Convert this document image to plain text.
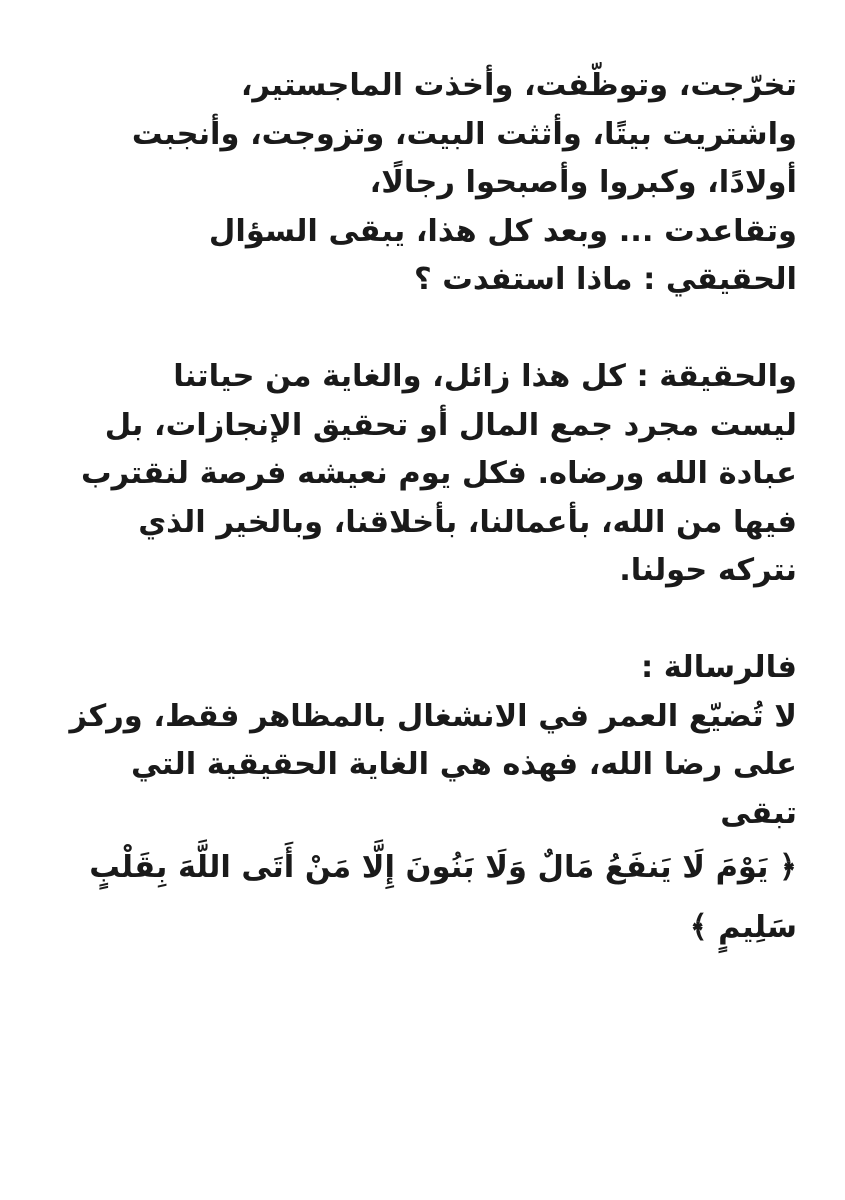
تخرّجت، وتوظّفت، وأخذت الماجستير،
واشتريت بيتًا، وأثثت البيت، وتزوجت، وأنجبت
أولادًا، وكبروا وأصبحوا رجالًا،
وتقاعدت ... وبعد كل هذا، يبقى السؤال
الحقيقي : ماذا استفدت ؟
والحقيقة : كل هذا زائل، والغاية من حياتنا
ليست مجرد جمع المال أو تحقيق الإنجازات، بل
عبادة الله ورضاه. فكل يوم نعيشه فرصة لنقترب
فيها من الله، بأعمالنا، بأخلاقنا، وبالخير الذي
نتركه حولنا.
فالرسالة :
لا تُضيّع العمر في الانشغال بالمظاهر فقط، وركز
على رضا الله، فهذه هي الغاية الحقيقية التي
تبقى
﴿ يَوْمَ لَا يَنفَعُ مَالٌ وَلَا بَنُونَ إِلَّا مَنْ أَتَى اللَّهَ بِقَلْبٍ
سَلِيمٍ ﴾
